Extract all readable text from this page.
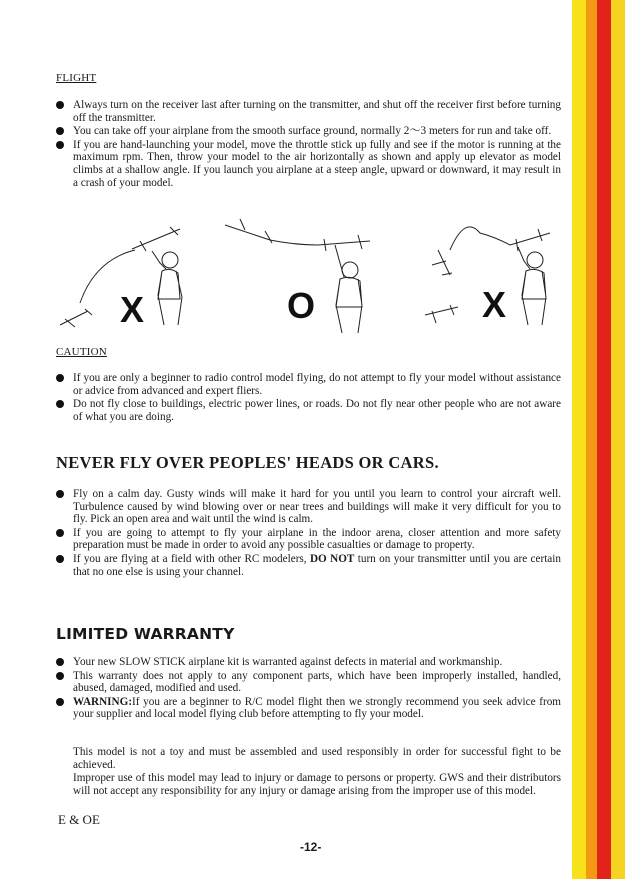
FLIGHT
Always turn on the receiver last after turning on the transmitter, and shut off the receiver first before turning off the transmitter.
You can take off your airplane from the smooth surface ground, normally 2～3 meters for run and take off.
If you are hand-launching your model, move the throttle stick up fully and see if the motor is running at the maximum rpm. Then, throw your model to the air horizontally as shown and apply up elevator as model climbs at a shallow angle. If you launch you airplane at a steep angle, upward or downward, it may result in a crash of your model.
X	O	X
CAUTION
If you are only a beginner to radio control model flying, do not attempt to fly your model without assistance or advice from advanced and expert fliers.
Do not fly close to buildings, electric power lines, or roads. Do not fly near other people who are not aware of what you are doing.
NEVER FLY OVER PEOPLES' HEADS OR CARS.
Fly on a calm day. Gusty winds will make it hard for you until you learn to control your aircraft well. Turbulence caused by wind blowing over or near trees and buildings will make it very difficult for you to fly. Pick an open area and wait until the wind is calm.
If you are going to attempt to fly your airplane in the indoor arena, closer attention and more safety preparation must be made in order to avoid any possible casualties or damage to property.
If you are flying at a field with other RC modelers, DO NOT turn on your transmitter until you are certain that no one else is using your channel.
LIMITED WARRANTY
Your new SLOW STICK airplane kit is warranted against defects in material and workmanship.
This warranty does not apply to any component parts, which have been improperly installed, handled, abused, damaged, modified and used.
WARNING:If you are a beginner to R/C model flight then we strongly recommend you seek advice from your supplier and local model flying club before attempting to fly your model.
This model is not a toy and must be assembled and used responsibly in order for successful fight to be achieved.
Improper use of this model may lead to injury or damage to persons or property. GWS and their distributors will not accept any responsibility for any injury or damage arising from the improper use of this model.
E & OE
-12-
